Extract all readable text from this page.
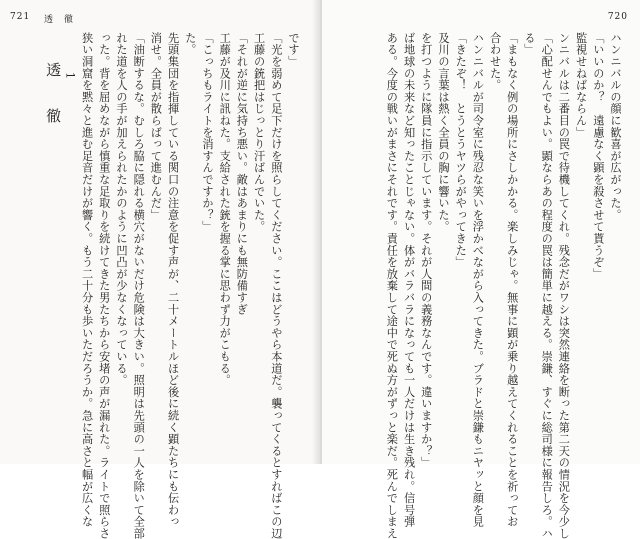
721 透　徹
です」
「光を弱めて足下だけを照らしてください。ここはどうやら本道だ。襲ってくるとすればこの辺
工藤の銃把はじっとり汗ばんでいた。
「それが逆に気持ち悪い。敵はあまりにも無防備すぎ
工藤が及川に訊ねた。支給された銃を握る掌に思わず力がこもる。
「こっちもライトを消すんですか？」
た。
先頭集団を指揮している関口の注意を促す声が、二十メートルほど後に続く顕たちにも伝わっ
消せ。全員が散らばって進むんだ」
「油断するな。むしろ脇に隠れる横穴がないだけ危険は大きい。照明は先頭の一人を除いて全部
れた道を人の手が加えられたかのように凹凸が少なくなっている。
った。背を屈めながら慎重な足取りを続けてきた男たちから安堵の声が漏れた。ライトで照らさ
狭い洞窟を黙々と進む足音だけが響く。もう二十分も歩いただろうか。急に高さと幅が広くな
1
透　徹
720
ハンニバルの顔に歓喜が広がった。
「いいのか？　遠慮なく顕を殺させて貰うぞ」
監視せねばならん」
ンニバルは二番目の罠で待機してくれ。残念だがワシは突然連絡を断った第二天の情況を今少し
「心配せんでもよい。顕ならあの程度の罠は簡単に越える。崇鎌、すぐに総司様に報告しろ。ハ
る」
「まもなく例の場所にさしかかる。楽しみじゃ。無事に顕が乗り越えてくれることを祈ってお
合わせた。
ハンニバルが司令室に残忍な笑いを浮かべながら入ってきた。ブラドと崇鎌もニヤッと顔を見
「きたぞ！　とうとうヤツらがやってきた」
及川の言葉は熱く全員の胸に響いた。
を打つように隊員に指示しています。それが人間の義務なんです。違いますか？」
ば地球の未来など知ったことじゃない。体がバラバラになっても一人だけは生き残れ。信号弾
ある。今度の戦いがまさにそれです。責任を放棄して途中で死ぬ方がずっと楽だ。死んでしまえ
